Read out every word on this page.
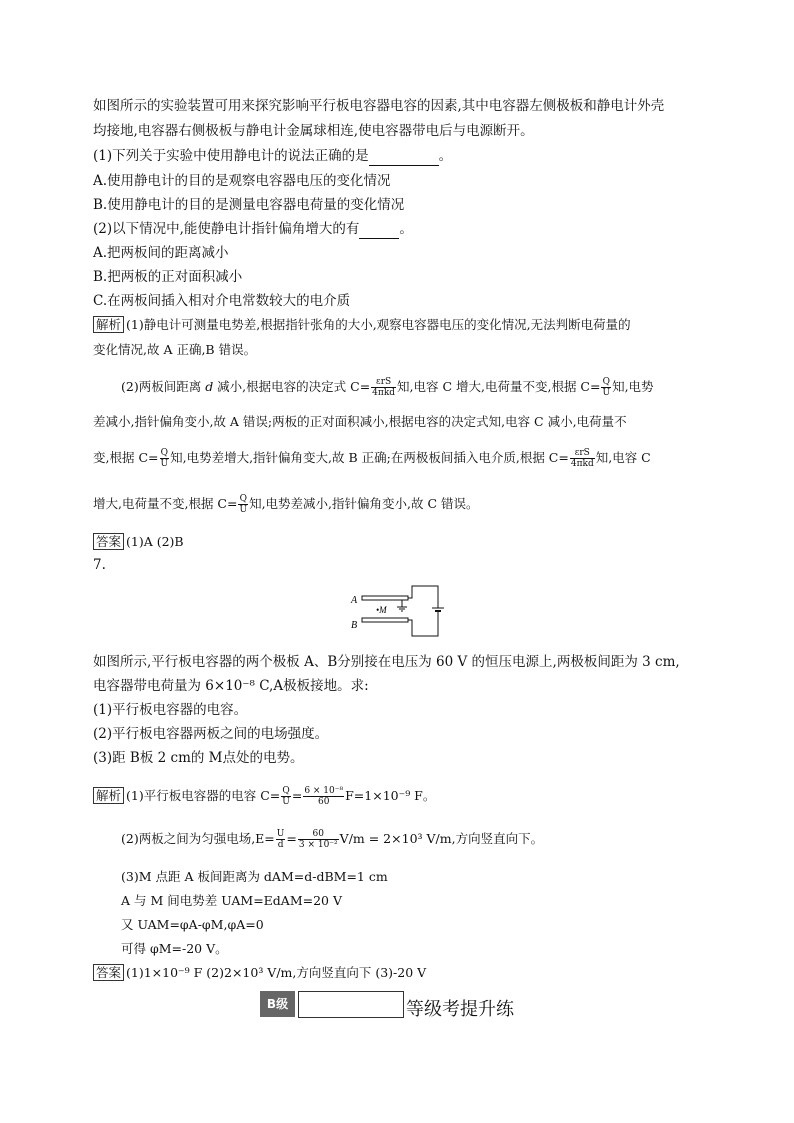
如图所示的实验装置可用来探究影响平行板电容器电容的因素,其中电容器左侧极板和静电计外壳
均接地,电容器右侧极板与静电计金属球相连,使电容器带电后与电源断开。
(1)下列关于实验中使用静电计的说法正确的是	。
A.使用静电计的目的是观察电容器电压的变化情况
B.使用静电计的目的是测量电容器电荷量的变化情况
(2)以下情况中,能使静电计指针偏角增大的有	。
A.把两板间的距离减小
B.把两板的正对面积减小
C.在两板间插入相对介电常数较大的电介质
解析 (1)静电计可测量电势差,根据指针张角的大小,观察电容器电压的变化情况,无法判断电荷量的
变化情况,故 A 正确,B 错误。
(2)两板间距离 d 减小,根据电容的决定式 $C= \frac{\text{εrS}}{\text{4πkd}}$ 知,电容 C 增大,电荷量不变,根据 $C= \frac{Q}{U}$ 知,电势
差减小,指针偏角变小,故 A 错误;两板的正对面积减小,根据电容的决定式知,电容 C 减小,电荷量不
变,根据 $C= \frac{Q}{U}$ 知,电势差增大,指针偏角变大,故 B 正确;在两极板间插入电介质,根据 $C= \frac{\text{εrS}}{\text{4πkd}}$ 知,电容 C
增大,电荷量不变,根据 $C= \frac{Q}{U}$ 知,电势差减小,指针偏角变小,故 C 错误。
答案 (1)A (2)B
7.
A
B
•M
如图所示,平行板电容器的两个极板 A、B分别接在电压为 60 V 的恒压电源上,两极板间距为 3 cm,
电容器带电荷量为 6×10⁻⁸ C,A极板接地。求:
(1)平行板电容器的电容。
(2)平行板电容器两板之间的电场强度。
(3)距 B板 2 cm的 M点处的电势。
解析 (1)平行板电容器的电容 $C= \frac{Q}{U} = \frac{\text{6 × 10⁻⁸}}{60} F=1\times 10^{-9}$ F。
(2)两板之间为匀强电场$,E= \frac{U}{d} = \frac{60}{\text{3 × 10⁻²}} V/m = 2\times 10^3$ V/m,方向竖直向下。
(3)M 点距 A 板间距离为 dAM=d-dBM=1 cm
A 与 M 间电势差 UAM=EdAM=20 V
又 UAM=φA-φM,φA=0
可得 φM=-20 V。
答案 (1)1×10⁻⁹ F (2)2×10³ V/m,方向竖直向下 (3)-20 V
B级	等级考提升练
